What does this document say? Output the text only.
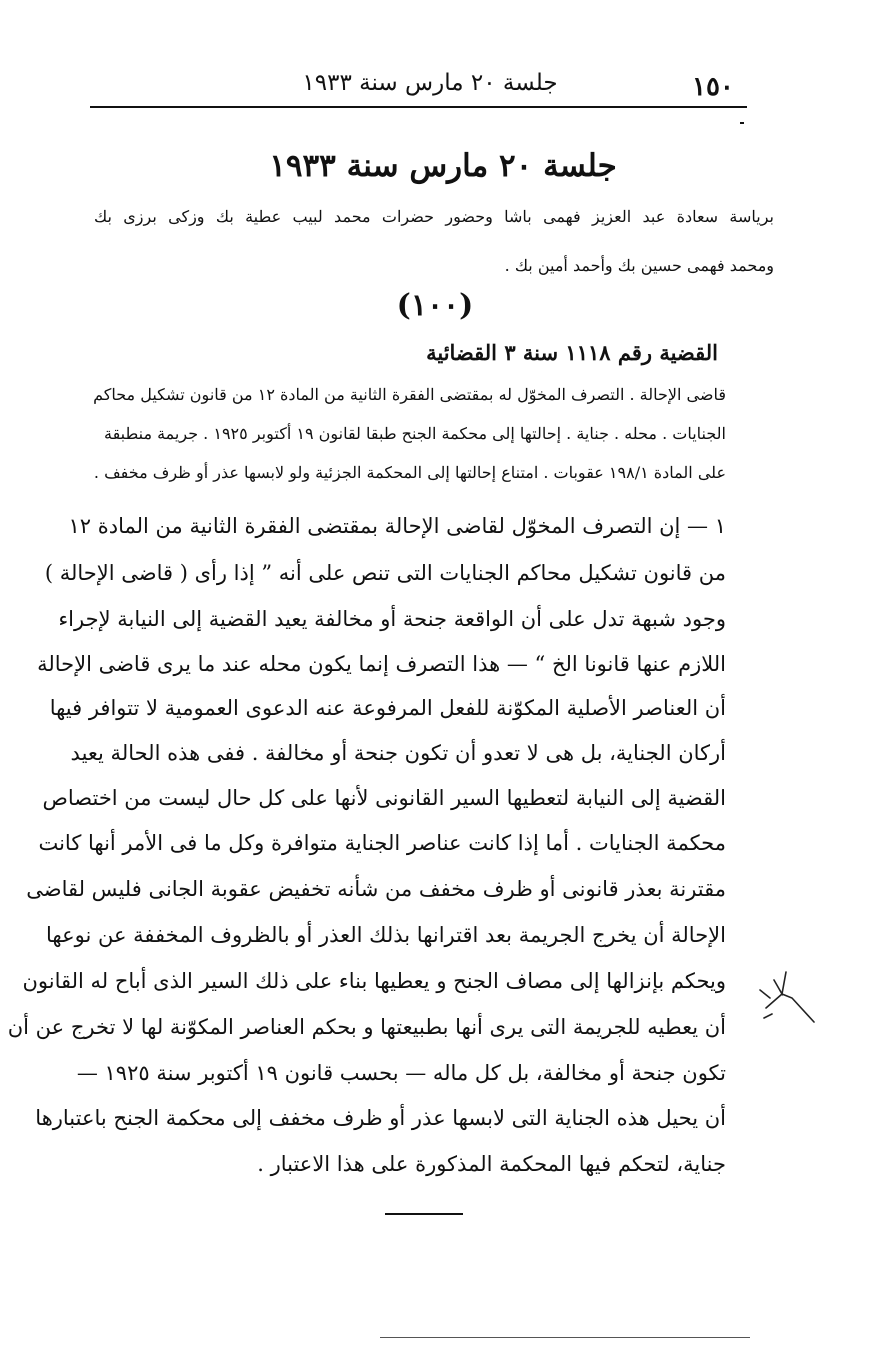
١٥٠
جلسة ٢٠ مارس سنة ١٩٣٣
جلسة ٢٠ مارس سنة ١٩٣٣
برياسة سعادة عبد العزيز فهمى باشا وحضور حضرات محمد لبيب عطية بك وزكى برزى بك
ومحمد فهمى حسين بك وأحمد أمين بك .
(١٠٠)
القضية رقم ١١١٨ سنة ٣ القضائية
قاضى الإحالة . التصرف المخوّل له بمقتضى الفقرة الثانية من المادة ١٢ من قانون تشكيل محاكم
الجنايات . محله . جناية . إحالتها إلى محكمة الجنح طبقا لقانون ١٩ أكتوبر ١٩٢٥ . جريمة منطبقة
على المادة ١٩٨/١ عقوبات . امتناع إحالتها إلى المحكمة الجزئية ولو لابسها عذر أو ظرف مخفف .
١ — إن التصرف المخوّل لقاضى الإحالة بمقتضى الفقرة الثانية من المادة ١٢
من قانون تشكيل محاكم الجنايات التى تنص على أنه ” إذا رأى ( قاضى الإحالة )
وجود شبهة تدل على أن الواقعة جنحة أو مخالفة يعيد القضية إلى النيابة لإجراء
اللازم عنها قانونا الخ “ — هذا التصرف إنما يكون محله عند ما يرى قاضى الإحالة
أن العناصر الأصلية المكوّنة للفعل المرفوعة عنه الدعوى العمومية لا تتوافر فيها
أركان الجناية، بل هى لا تعدو أن تكون جنحة أو مخالفة . ففى هذه الحالة يعيد
القضية إلى النيابة لتعطيها السير القانونى لأنها على كل حال ليست من اختصاص
محكمة الجنايات . أما إذا كانت عناصر الجناية متوافرة وكل ما فى الأمر أنها كانت
مقترنة بعذر قانونى أو ظرف مخفف من شأنه تخفيض عقوبة الجانى فليس لقاضى
الإحالة أن يخرج الجريمة بعد اقترانها بذلك العذر أو بالظروف المخففة عن نوعها
ويحكم بإنزالها إلى مصاف الجنح و يعطيها بناء على ذلك السير الذى أباح له القانون
أن يعطيه للجريمة التى يرى أنها بطبيعتها و بحكم العناصر المكوّنة لها لا تخرج عن أن
تكون جنحة أو مخالفة، بل كل ماله — بحسب قانون ١٩ أكتوبر سنة ١٩٢٥ —
أن يحيل هذه الجناية التى لابسها عذر أو ظرف مخفف إلى محكمة الجنح باعتبارها
جناية، لتحكم فيها المحكمة المذكورة على هذا الاعتبار .
